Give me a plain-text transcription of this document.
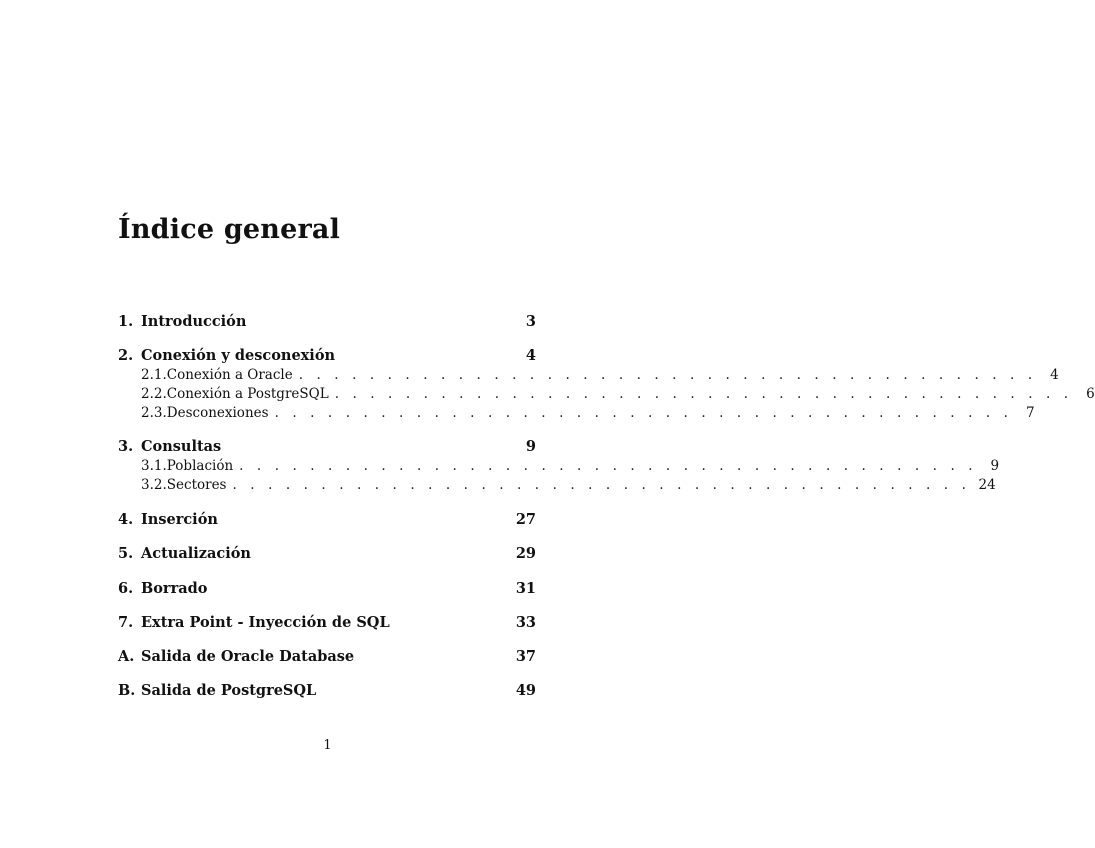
Índice general
1. Introducción	3
2. Conexión y desconexión	4
2.1. Conexión a Oracle . . . . . . . . . . . . . . . . . . . . . . . . . . . . . . . . . . . . . . . . . . 4
2.2. Conexión a PostgreSQL . . . . . . . . . . . . . . . . . . . . . . . . . . . . . . . . . . . . . . . . . . 6
2.3. Desconexiones . . . . . . . . . . . . . . . . . . . . . . . . . . . . . . . . . . . . . . . . . . 7
3. Consultas	9
3.1. Población . . . . . . . . . . . . . . . . . . . . . . . . . . . . . . . . . . . . . . . . . . 9
3.2. Sectores . . . . . . . . . . . . . . . . . . . . . . . . . . . . . . . . . . . . . . . . . . 24
4. Inserción	27
5. Actualización	29
6. Borrado	31
7. Extra Point - Inyección de SQL	33
A. Salida de Oracle Database	37
B. Salida de PostgreSQL	49
1
